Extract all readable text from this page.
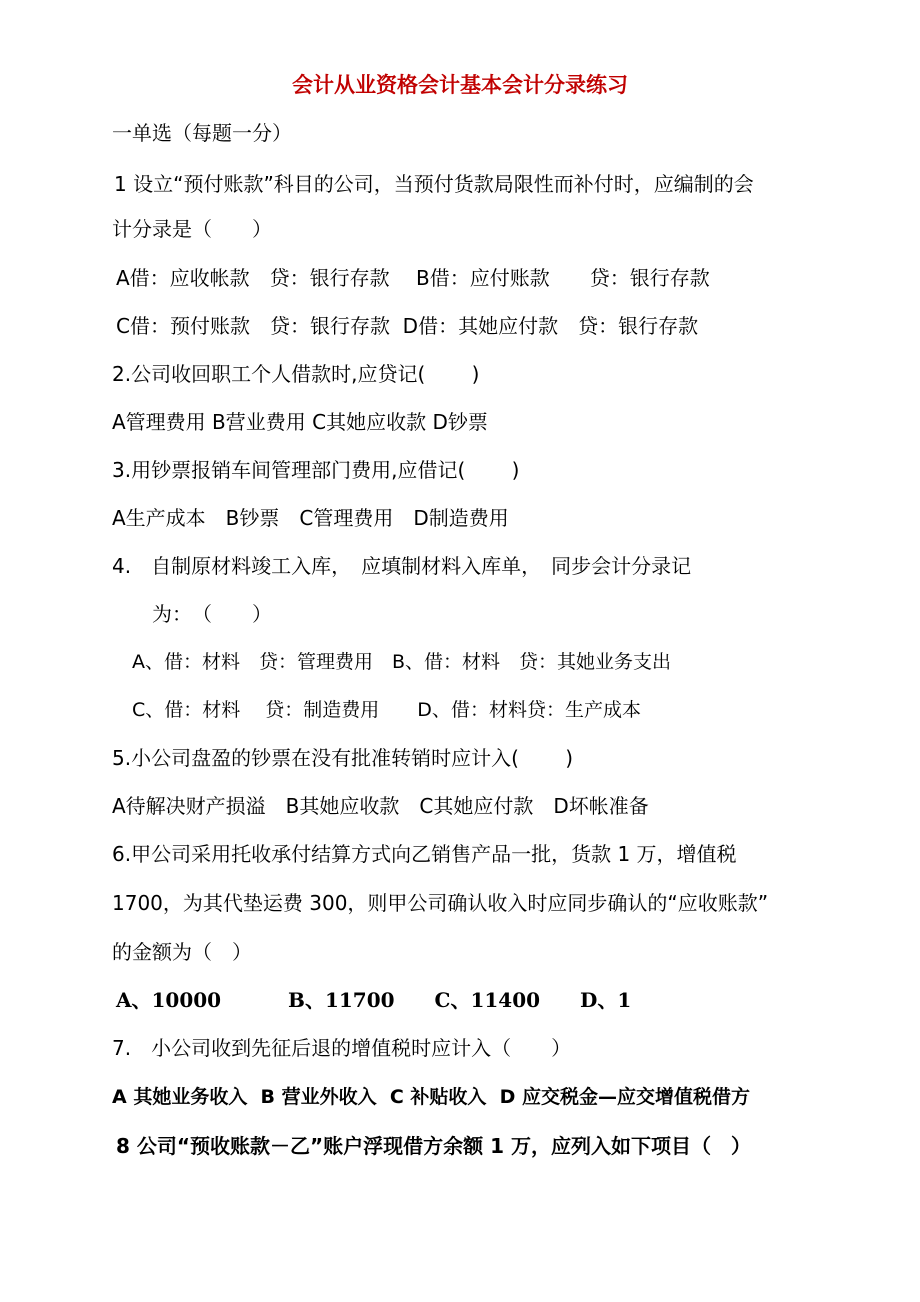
会计从业资格会计基本会计分录练习
一单选（每题一分）
1 设立“预付账款”科目的公司，当预付货款局限性而补付时，应编制的会
计分录是（　　）
A借：应收帐款　贷：银行存款　 B借：应付账款　　贷：银行存款
C借：预付账款　贷：银行存款  D借：其她应付款　贷：银行存款
2.公司收回职工个人借款时,应贷记(　　 )
A管理费用 B营业费用 C其她应收款 D钞票
3.用钞票报销车间管理部门费用,应借记(　　 )
A生产成本　B钞票　C管理费用　D制造费用
4.　自制原材料竣工入库，　应填制材料入库单，　同步会计分录记
为：　（　　）
A、借：材料　贷：管理费用　B、借：材料　贷：其她业务支出
C、借：材料　 贷：制造费用　　D、借：材料贷：生产成本
5.小公司盘盈的钞票在没有批准转销时应计入(　　 )
A待解决财产损溢　B其她应收款　C其她应付款　D坏帐准备
6.甲公司采用托收承付结算方式向乙销售产品一批，货款 1 万，增值税
1700，为其代垫运费 300，则甲公司确认收入时应同步确认的“应收账款”
的金额为（　）
A、10000　　　 B、11700　　C、11400　　D、1
7.　小公司收到先征后退的增值税时应计入（　　）
A 其她业务收入  B 营业外收入  C 补贴收入  D 应交税金—应交增值税借方
8 公司“预收账款－乙”账户浮现借方余额 1 万，应列入如下项目（　）
